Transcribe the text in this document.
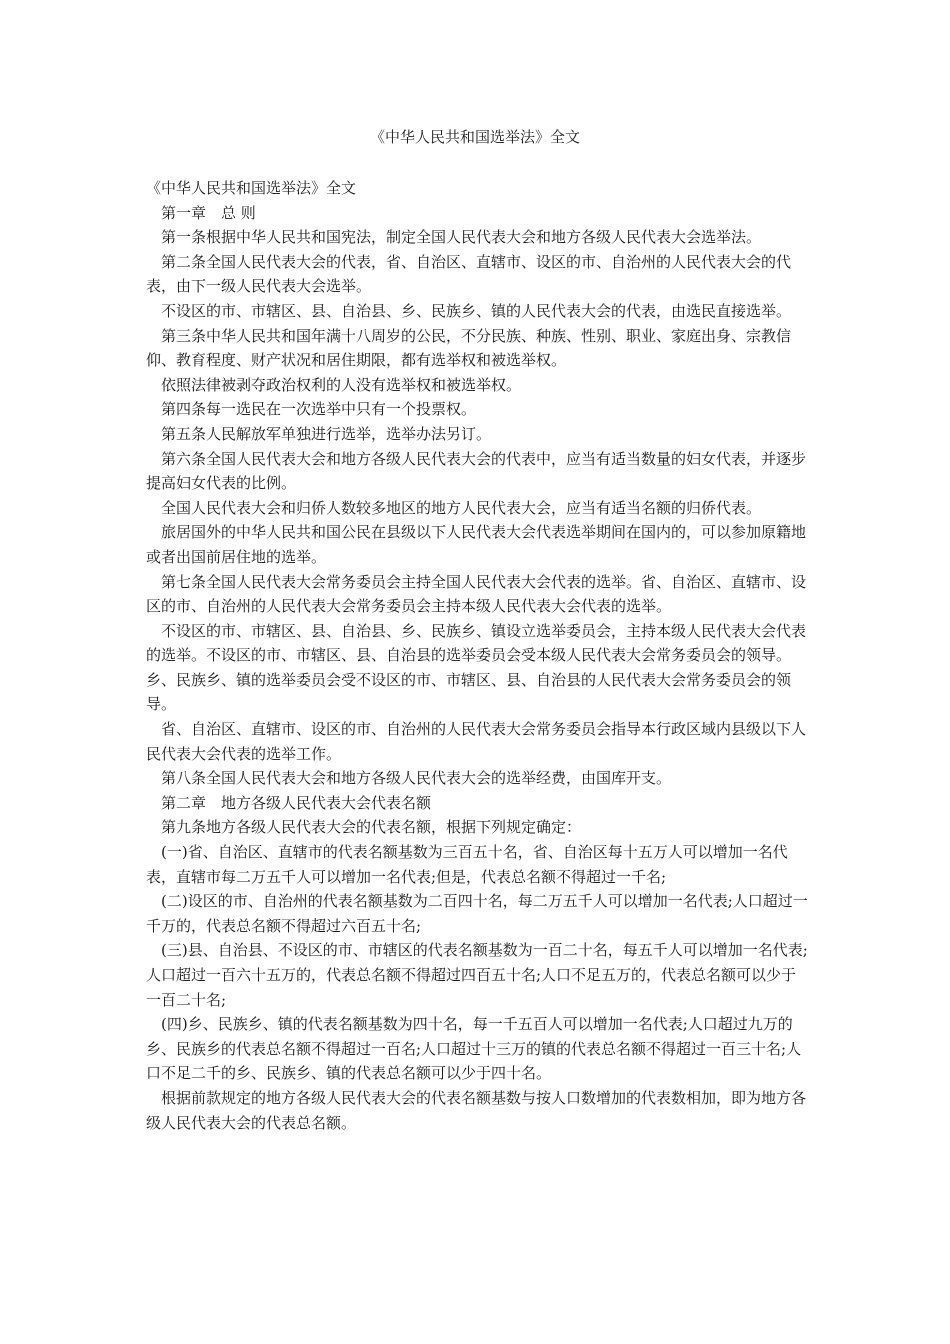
《中华人民共和国选举法》全文

《中华人民共和国选举法》全文

第一章　总 则

第一条根据中华人民共和国宪法，制定全国人民代表大会和地方各级人民代表大会选举法。

第二条全国人民代表大会的代表，省、自治区、直辖市、设区的市、自治州的人民代表大会的代表，由下一级人民代表大会选举。

不设区的市、市辖区、县、自治县、乡、民族乡、镇的人民代表大会的代表，由选民直接选举。

第三条中华人民共和国年满十八周岁的公民，不分民族、种族、性别、职业、家庭出身、宗教信仰、教育程度、财产状况和居住期限，都有选举权和被选举权。

依照法律被剥夺政治权利的人没有选举权和被选举权。

第四条每一选民在一次选举中只有一个投票权。

第五条人民解放军单独进行选举，选举办法另订。

第六条全国人民代表大会和地方各级人民代表大会的代表中，应当有适当数量的妇女代表，并逐步提高妇女代表的比例。

全国人民代表大会和归侨人数较多地区的地方人民代表大会，应当有适当名额的归侨代表。

旅居国外的中华人民共和国公民在县级以下人民代表大会代表选举期间在国内的，可以参加原籍地或者出国前居住地的选举。

第七条全国人民代表大会常务委员会主持全国人民代表大会代表的选举。省、自治区、直辖市、设区的市、自治州的人民代表大会常务委员会主持本级人民代表大会代表的选举。

不设区的市、市辖区、县、自治县、乡、民族乡、镇设立选举委员会，主持本级人民代表大会代表的选举。不设区的市、市辖区、县、自治县的选举委员会受本级人民代表大会常务委员会的领导。乡、民族乡、镇的选举委员会受不设区的市、市辖区、县、自治县的人民代表大会常务委员会的领导。

省、自治区、直辖市、设区的市、自治州的人民代表大会常务委员会指导本行政区域内县级以下人民代表大会代表的选举工作。

第八条全国人民代表大会和地方各级人民代表大会的选举经费，由国库开支。

第二章　地方各级人民代表大会代表名额

第九条地方各级人民代表大会的代表名额，根据下列规定确定：

(一)省、自治区、直辖市的代表名额基数为三百五十名，省、自治区每十五万人可以增加一名代表，直辖市每二万五千人可以增加一名代表;但是，代表总名额不得超过一千名;

(二)设区的市、自治州的代表名额基数为二百四十名，每二万五千人可以增加一名代表;人口超过一千万的，代表总名额不得超过六百五十名;

(三)县、自治县、不设区的市、市辖区的代表名额基数为一百二十名，每五千人可以增加一名代表;人口超过一百六十五万的，代表总名额不得超过四百五十名;人口不足五万的，代表总名额可以少于一百二十名;

(四)乡、民族乡、镇的代表名额基数为四十名，每一千五百人可以增加一名代表;人口超过九万的乡、民族乡的代表总名额不得超过一百名;人口超过十三万的镇的代表总名额不得超过一百三十名;人口不足二千的乡、民族乡、镇的代表总名额可以少于四十名。

根据前款规定的地方各级人民代表大会的代表名额基数与按人口数增加的代表数相加，即为地方各级人民代表大会的代表总名额。
